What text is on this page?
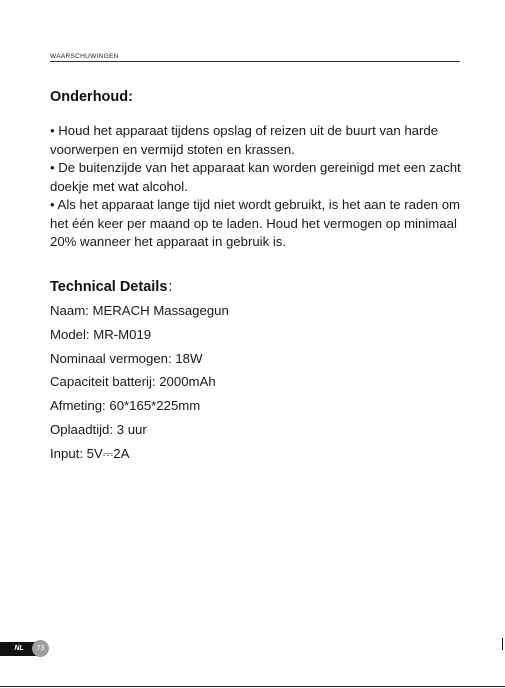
WAARSCHUWINGEN
Onderhoud:

• Houd het apparaat tijdens opslag of reizen uit de buurt van harde voorwerpen en vermijd stoten en krassen.

• De buitenzijde van het apparaat kan worden gereinigd met een zacht doekje met wat alcohol.

• Als het apparaat lange tijd niet wordt gebruikt, is het aan te raden om het één keer per maand op te laden. Houd het vermogen op minimaal 20% wanneer het apparaat in gebruik is.

Technical Details:
Naam: MERACH Massagegun
Model: MR-M019
Nominaal vermogen: 18W
Capaciteit batterij: 2000mAh
Afmeting: 60*165*225mm
Oplaadtijd: 3 uur
Input: 5V⎓2A
NL	73
